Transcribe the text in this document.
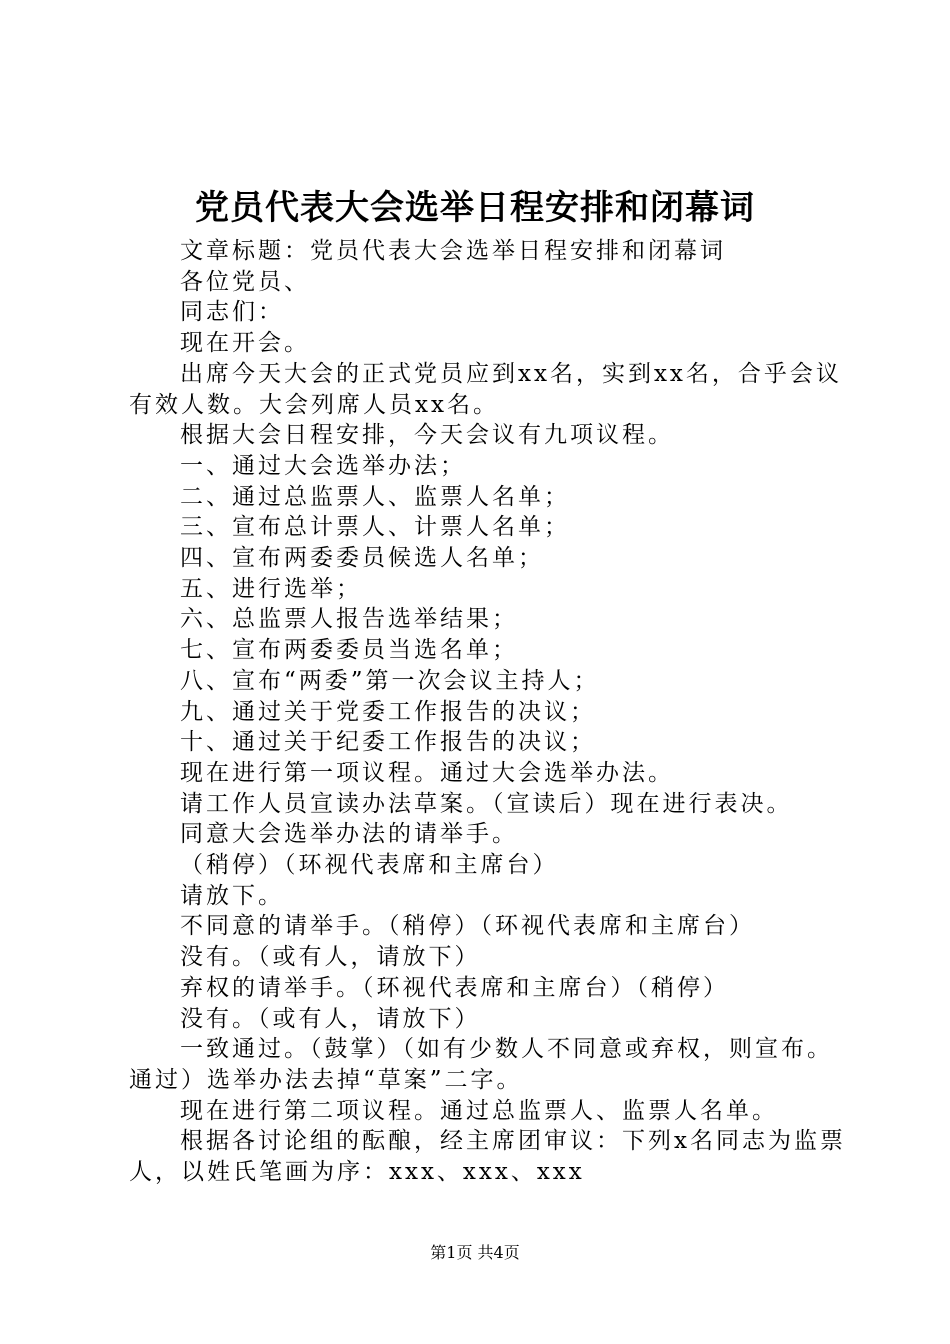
党员代表大会选举日程安排和闭幕词

文章标题：党员代表大会选举日程安排和闭幕词

各位党员、

同志们：

现在开会。

出席今天大会的正式党员应到xx名，实到xx名，合乎会议有效人数。大会列席人员xx名。

根据大会日程安排，今天会议有九项议程。

一、通过大会选举办法；

二、通过总监票人、监票人名单；

三、宣布总计票人、计票人名单；

四、宣布两委委员候选人名单；

五、进行选举；

六、总监票人报告选举结果；

七、宣布两委委员当选名单；

八、宣布“两委”第一次会议主持人；

九、通过关于党委工作报告的决议；

十、通过关于纪委工作报告的决议；

现在进行第一项议程。通过大会选举办法。

请工作人员宣读办法草案。（宣读后）现在进行表决。

同意大会选举办法的请举手。

（稍停）（环视代表席和主席台）

请放下。

不同意的请举手。（稍停）（环视代表席和主席台）

没有。（或有人，请放下）

弃权的请举手。（环视代表席和主席台）（稍停）

没有。（或有人，请放下）

一致通过。（鼓掌）（如有少数人不同意或弃权，则宣布。通过）选举办法去掉“草案”二字。

现在进行第二项议程。通过总监票人、监票人名单。

根据各讨论组的酝酿，经主席团审议：下列x名同志为监票人，以姓氏笔画为序：xxx、xxx、xxx

第1页 共4页
